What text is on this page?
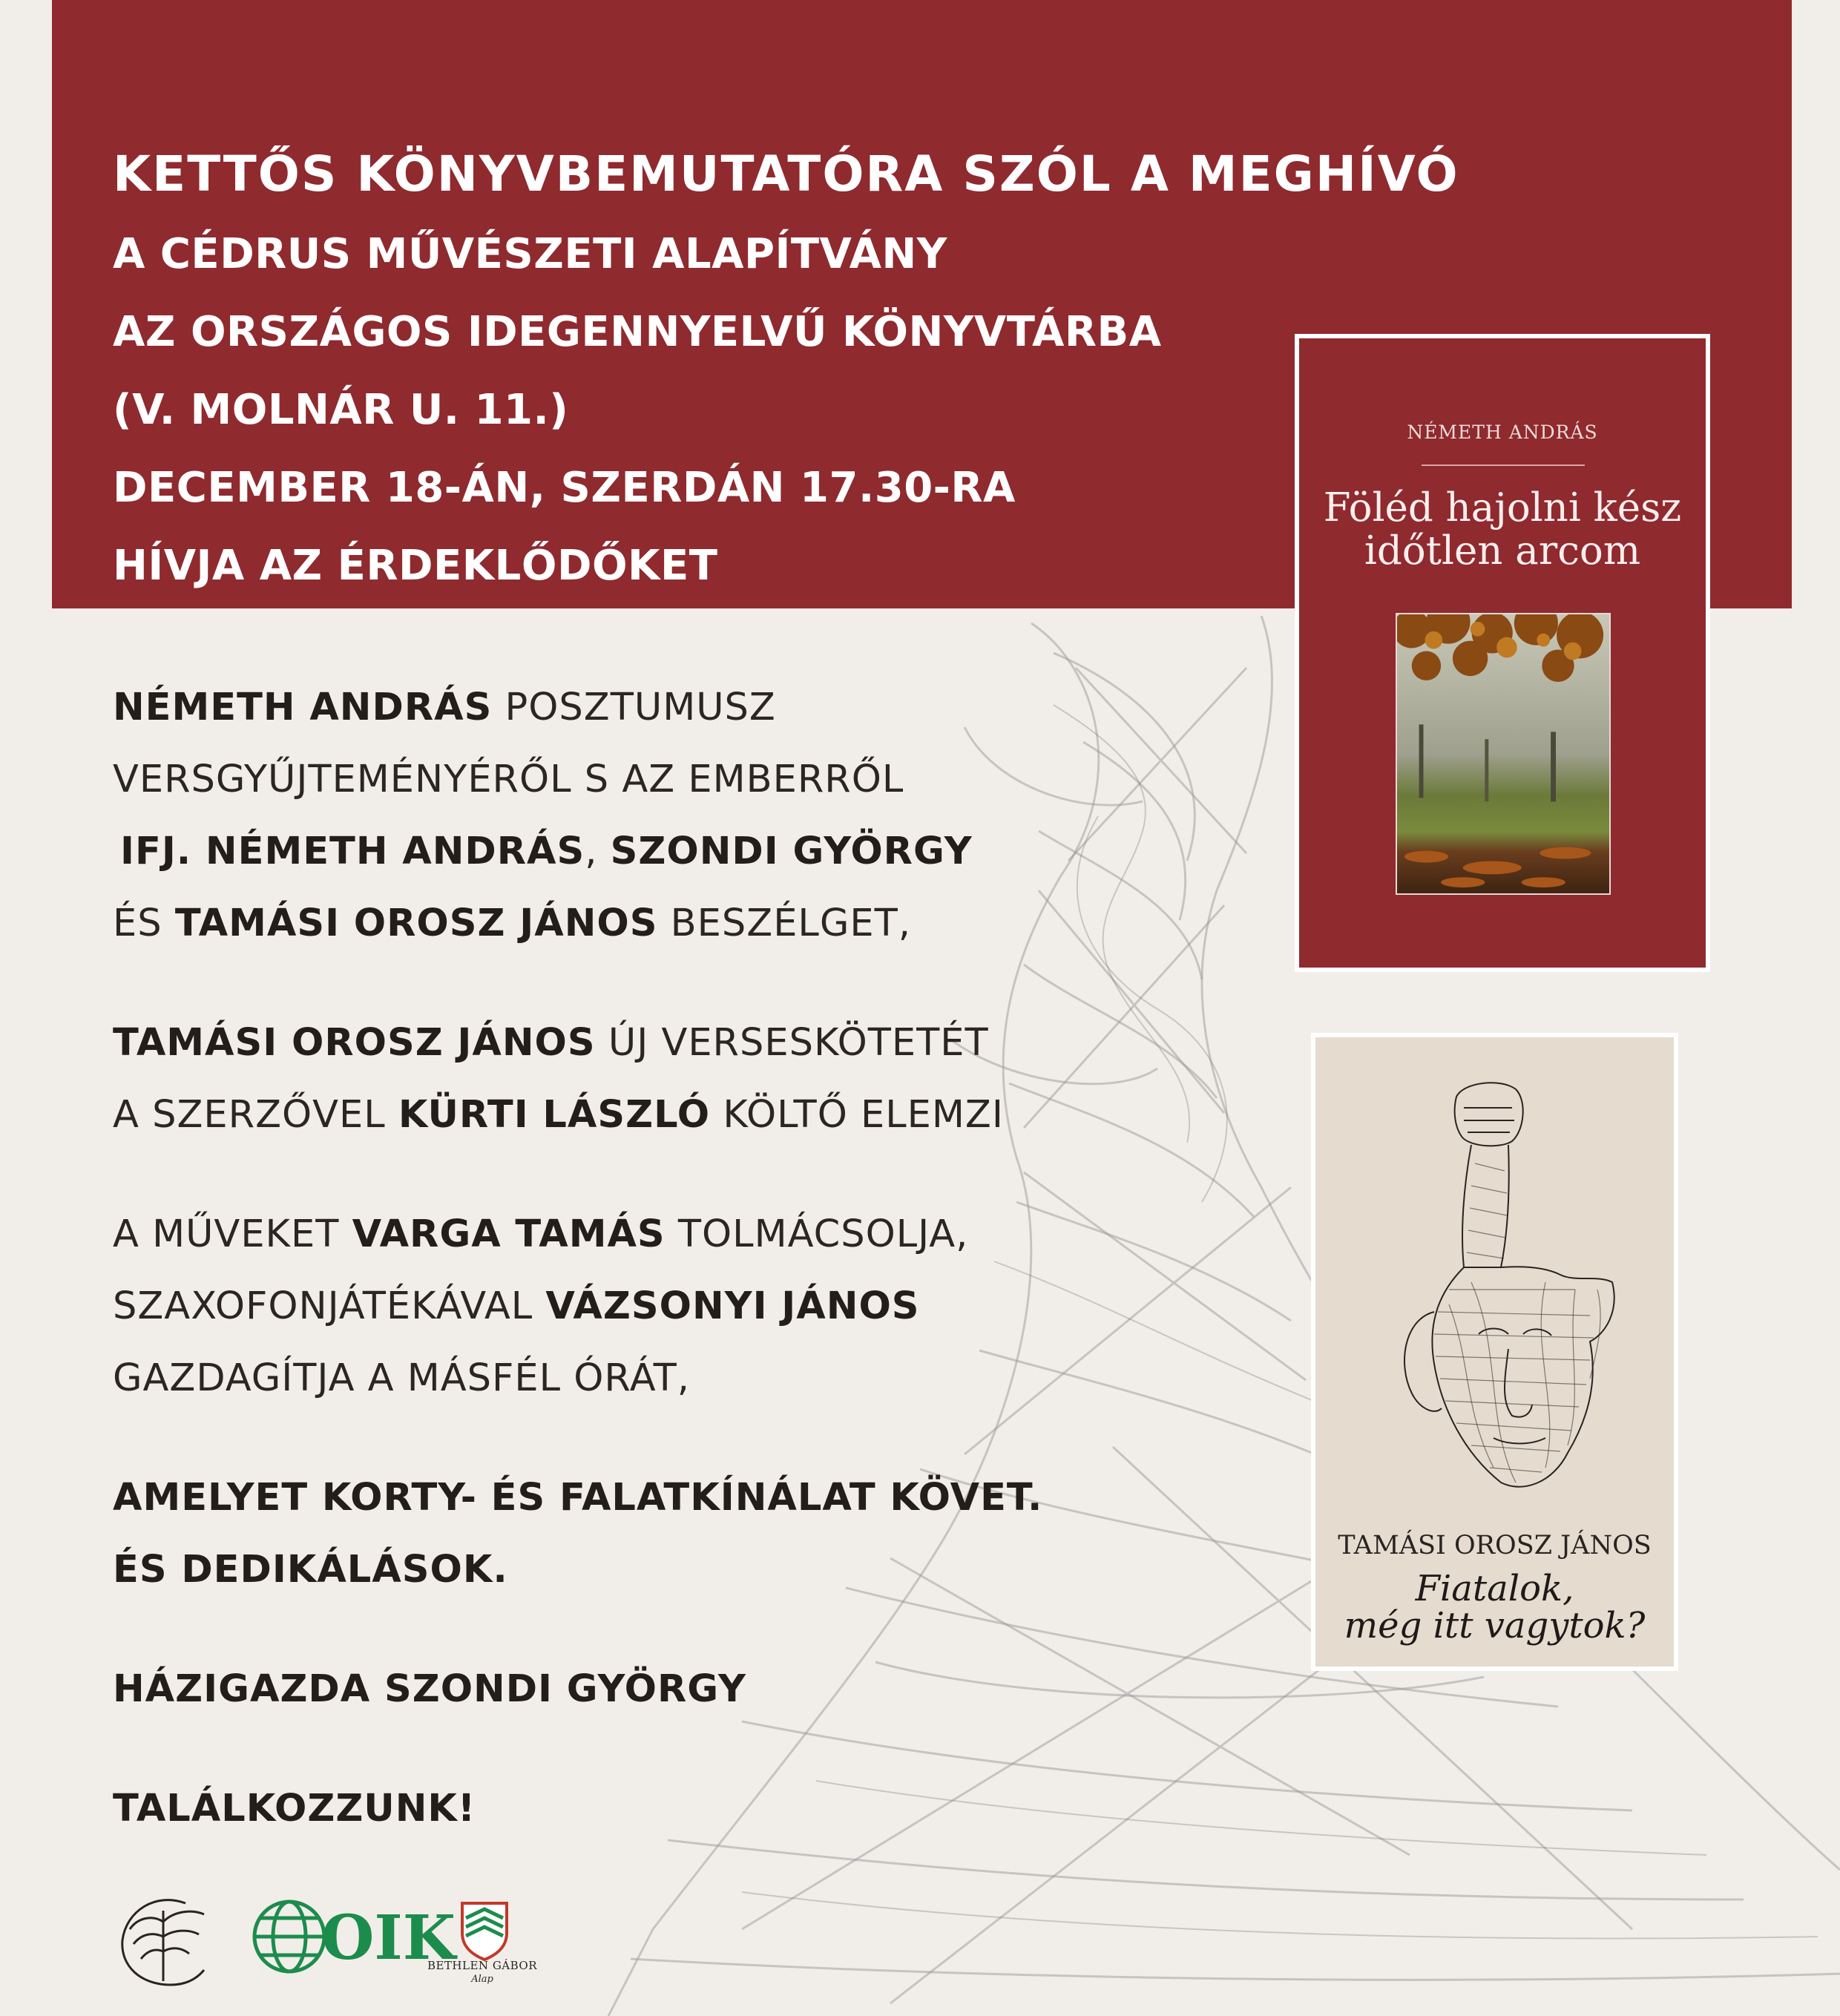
KETTŐS KÖNYVBEMUTATÓRA SZÓL A MEGHÍVÓ
A CÉDRUS MŰVÉSZETI ALAPÍTVÁNY
AZ ORSZÁGOS IDEGENNYELVŰ KÖNYVTÁRBA
(V. MOLNÁR U. 11.)
DECEMBER 18-ÁN, SZERDÁN 17.30-RA
HÍVJA AZ ÉRDEKLŐDŐKET
NÉMETH ANDRÁS POSZTUMUSZ
VERSGYŰJTEMÉNYÉRŐL S AZ EMBERRŐL
IFJ. NÉMETH ANDRÁS, SZONDI GYÖRGY
ÉS TAMÁSI OROSZ JÁNOS BESZÉLGET,
TAMÁSI OROSZ JÁNOS ÚJ VERSESKÖTETÉT
A SZERZŐVEL KÜRTI LÁSZLÓ KÖLTŐ ELEMZI
A MŰVEKET VARGA TAMÁS TOLMÁCSOLJA,
SZAXOFONJÁTÉKÁVAL VÁZSONYI JÁNOS
GAZDAGÍTJA A MÁSFÉL ÓRÁT,
AMELYET KORTY- ÉS FALATKÍNÁLAT KÖVET.
ÉS DEDIKÁLÁSOK.
HÁZIGAZDA SZONDI GYÖRGY
TALÁLKOZZUNK!
NÉMETH ANDRÁS
Föléd hajolni kész
időtlen arcom
TAMÁSI OROSZ JÁNOS
Fiatalok,
még itt vagytok?
OIK
BETHLEN GÁBOR
Alap
